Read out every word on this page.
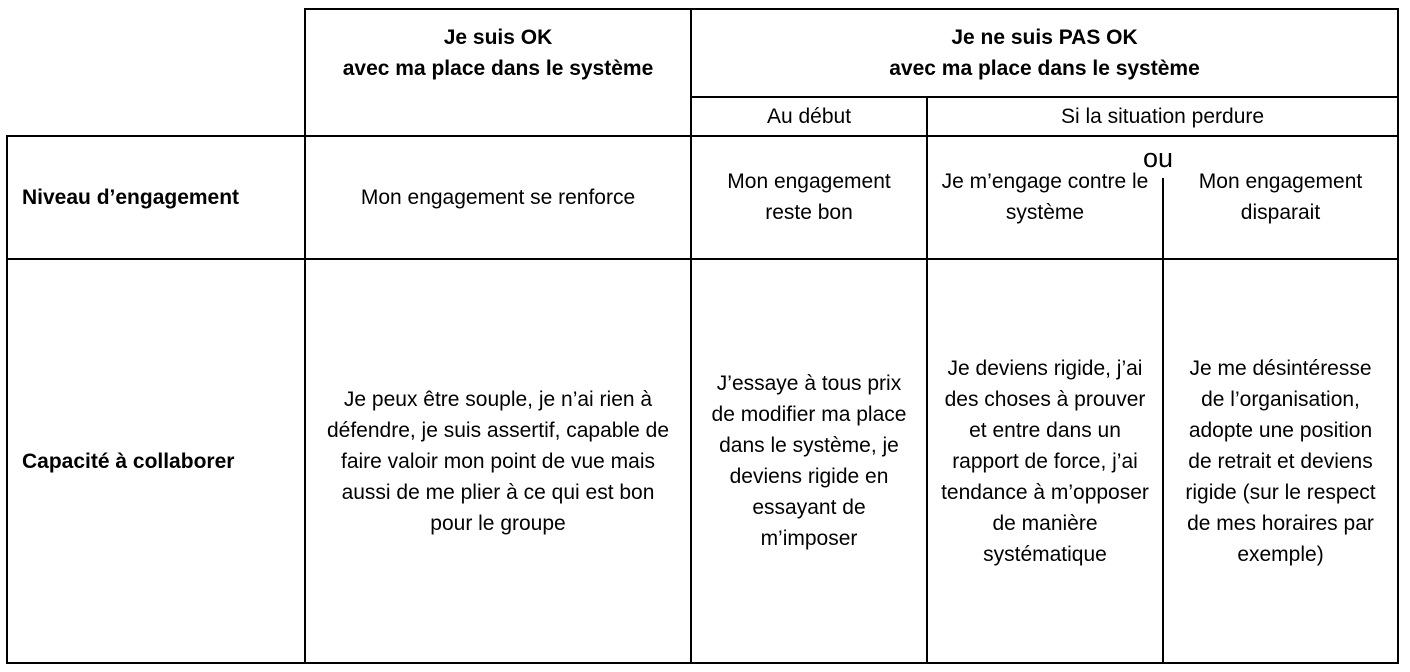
Je suis OK
avec ma place dans le système
Je ne suis PAS OK
avec ma place dans le système
Au début	Si la situation perdure
ou
Niveau d’engagement	Mon engagement se renforce
Mon engagement reste bon
Je m’engage contre le système
Mon engagement disparait
Capacité à collaborer
Je peux être souple, je n’ai rien à défendre, je suis assertif, capable de faire valoir mon point de vue mais aussi de me plier à ce qui est bon pour le groupe
J’essaye à tous prix de modifier ma place dans le système, je deviens rigide en essayant de m’imposer
Je deviens rigide, j’ai des choses à prouver et entre dans un rapport de force, j’ai tendance à m’opposer de manière systématique
Je me désintéresse de l’organisation, adopte une position de retrait et deviens rigide (sur le respect de mes horaires par exemple)
